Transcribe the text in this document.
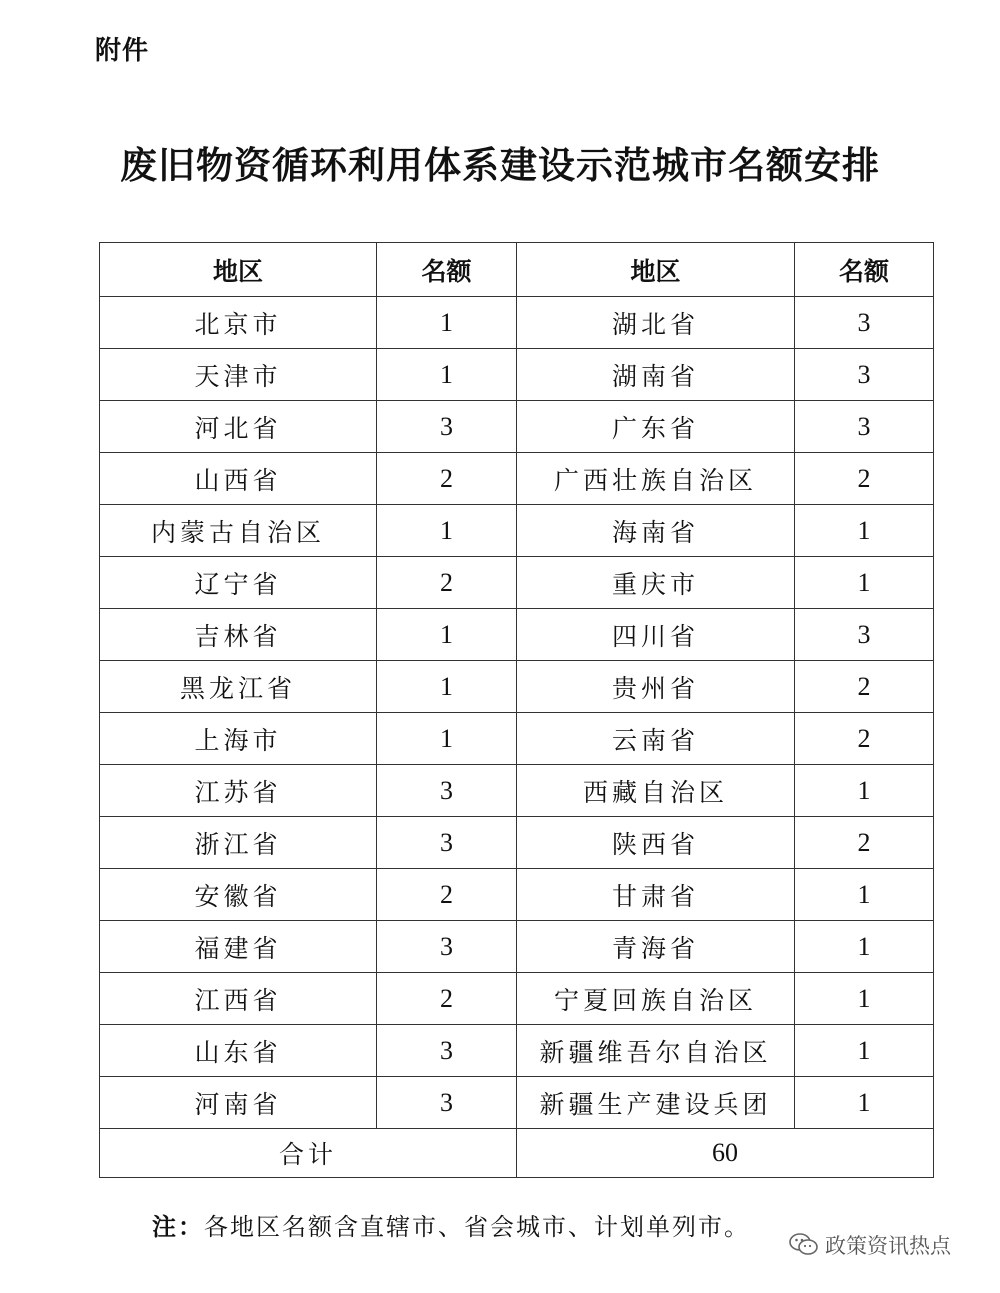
附件
废旧物资循环利用体系建设示范城市名额安排
地区	名额	地区	名额
北京市	1	湖北省	3
天津市	1	湖南省	3
河北省	3	广东省	3
山西省	2	广西壮族自治区	2
内蒙古自治区	1	海南省	1
辽宁省	2	重庆市	1
吉林省	1	四川省	3
黑龙江省	1	贵州省	2
上海市	1	云南省	2
江苏省	3	西藏自治区	1
浙江省	3	陕西省	2
安徽省	2	甘肃省	1
福建省	3	青海省	1
江西省	2	宁夏回族自治区	1
山东省	3	新疆维吾尔自治区	1
河南省	3	新疆生产建设兵团	1
合计		60	
注：各地区名额含直辖市、省会城市、计划单列市。
政策资讯热点
